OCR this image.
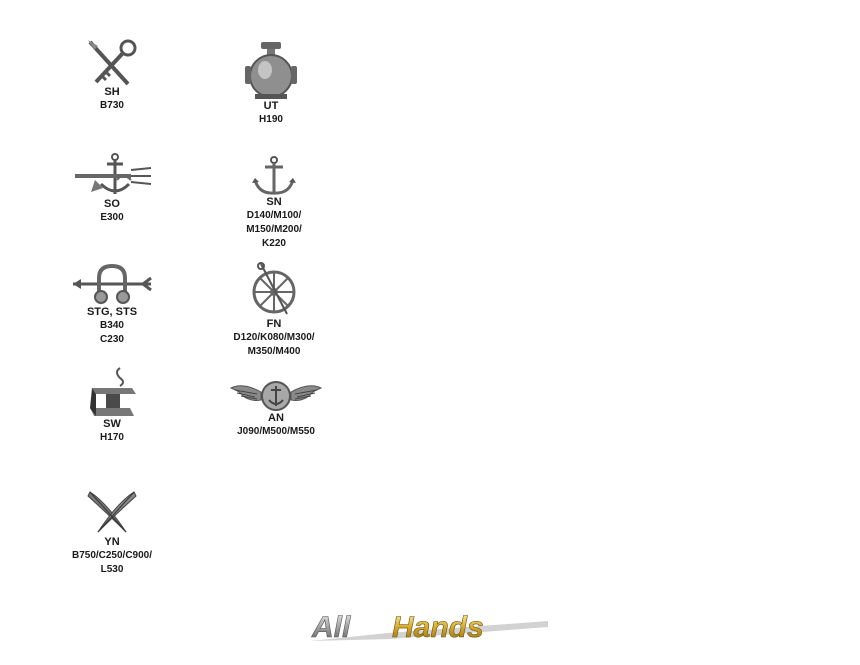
SH
B730	UT
H190
SO
E300
SN
D140/M100/
M150/M200/
K220
STG, STS
B340
C230
FN
D120/K080/M300/
M350/M400
SW
H170
AN
J090/M500/M550
YN
B750/C250/C900/
L530
All Hands
